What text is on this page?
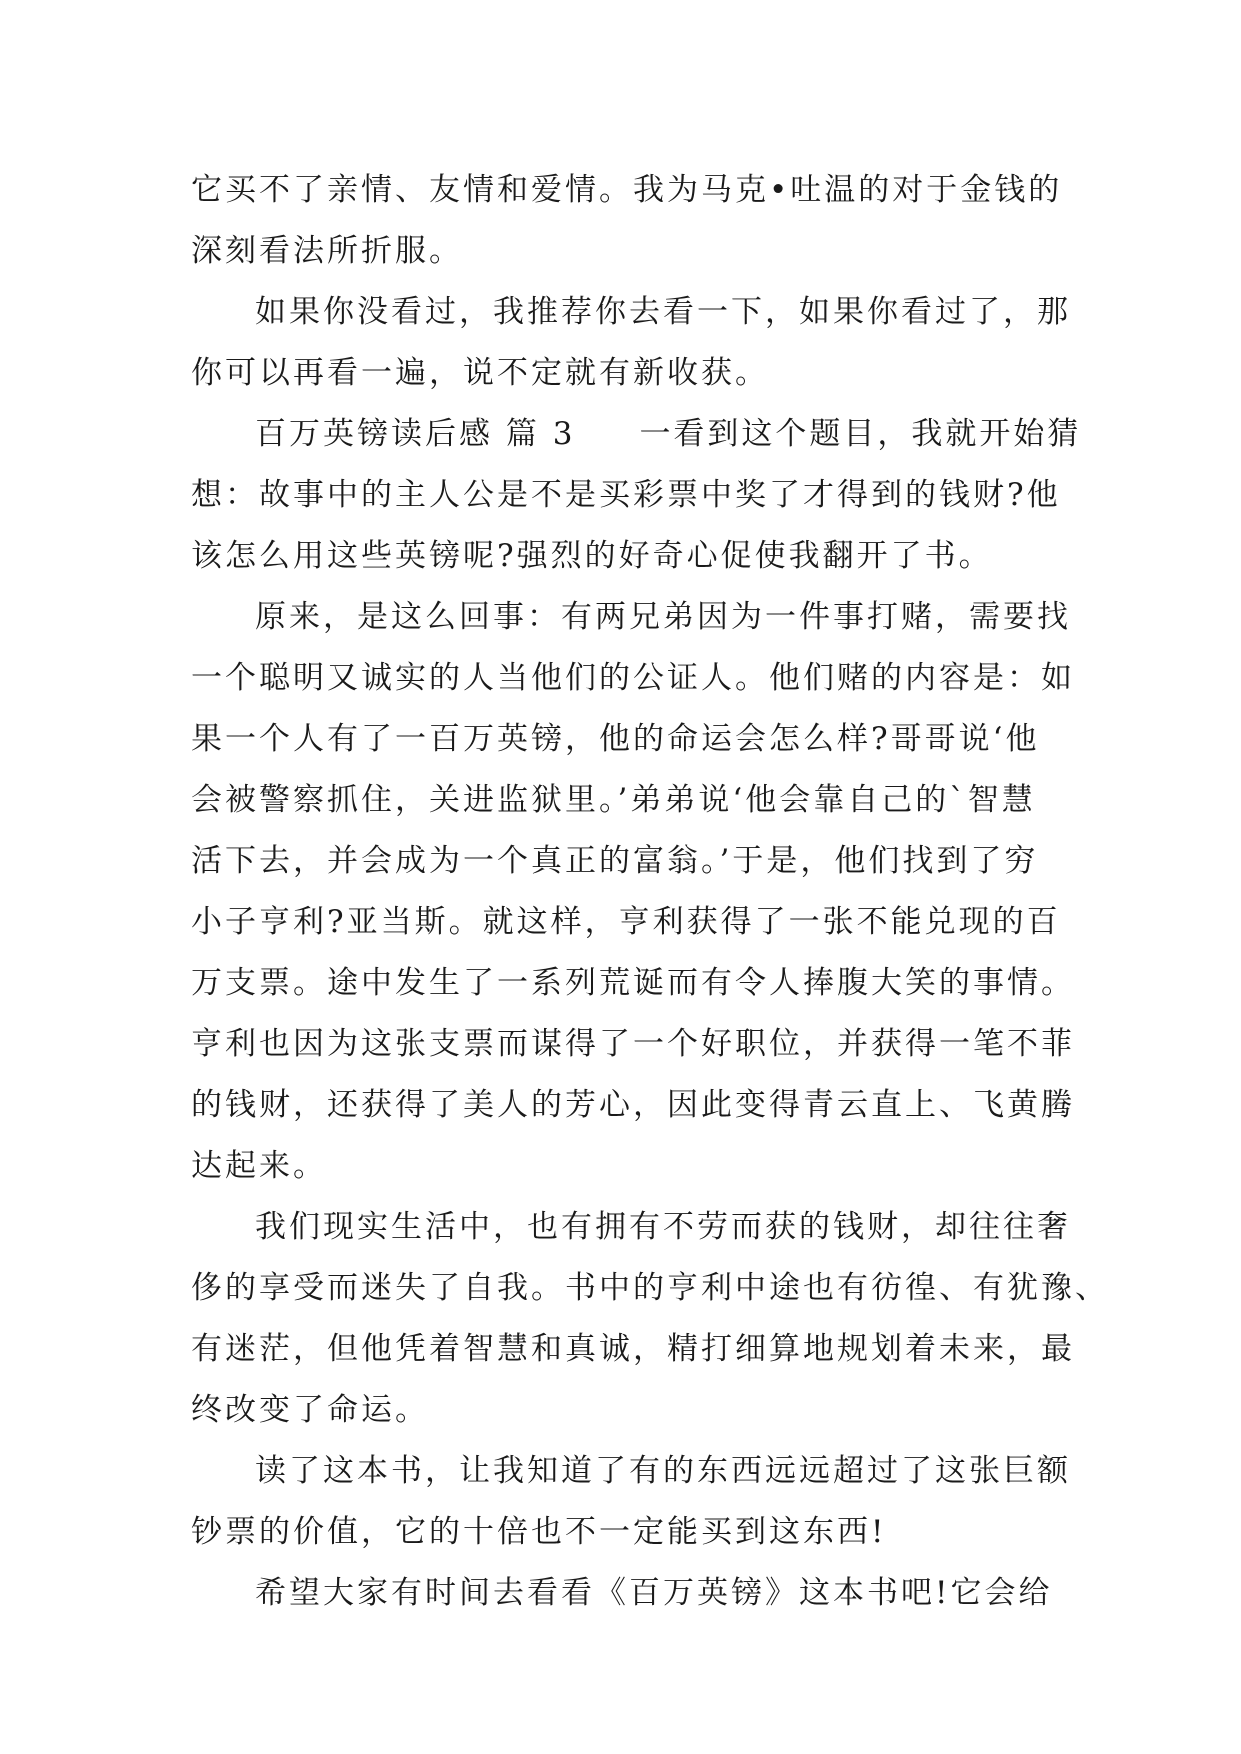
它买不了亲情、友情和爱情。我为马克•吐温的对于金钱的
深刻看法所折服。
如果你没看过，我推荐你去看一下，如果你看过了，那
你可以再看一遍，说不定就有新收获。
百万英镑读后感 篇 3 一看到这个题目，我就开始猜
想：故事中的主人公是不是买彩票中奖了才得到的钱财?他
该怎么用这些英镑呢?强烈的好奇心促使我翻开了书。
原来，是这么回事：有两兄弟因为一件事打赌，需要找
一个聪明又诚实的人当他们的公证人。他们赌的内容是：如
果一个人有了一百万英镑，他的命运会怎么样?哥哥说‘他
会被警察抓住，关进监狱里。’弟弟说‘他会靠自己的`智慧
活下去，并会成为一个真正的富翁。’于是，他们找到了穷
小子亨利?亚当斯。就这样，亨利获得了一张不能兑现的百
万支票。途中发生了一系列荒诞而有令人捧腹大笑的事情。
亨利也因为这张支票而谋得了一个好职位，并获得一笔不菲
的钱财，还获得了美人的芳心，因此变得青云直上、飞黄腾
达起来。
我们现实生活中，也有拥有不劳而获的钱财，却往往奢
侈的享受而迷失了自我。书中的亨利中途也有彷徨、有犹豫、
有迷茫，但他凭着智慧和真诚，精打细算地规划着未来，最
终改变了命运。
读了这本书，让我知道了有的东西远远超过了这张巨额
钞票的价值，它的十倍也不一定能买到这东西!
希望大家有时间去看看《百万英镑》这本书吧!它会给
